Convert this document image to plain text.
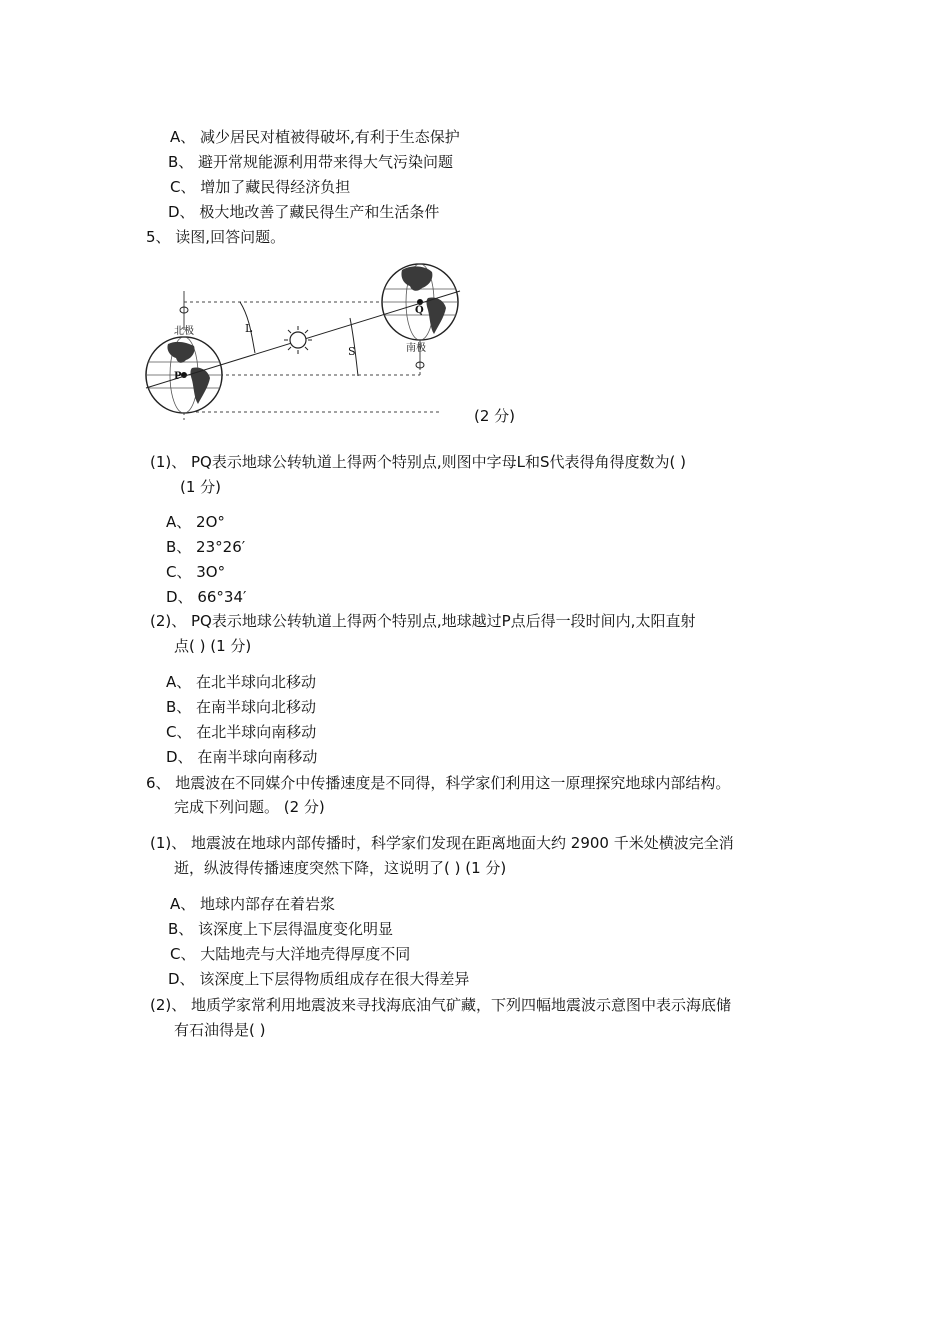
A、 减少居民对植被得破坏,有利于生态保护
B、 避开常规能源利用带来得大气污染问题
C、 增加了藏民得经济负担
D、 极大地改善了藏民得生产和生活条件
5、 读图,回答问题。
北极
南极
L
S
P
Q
(2 分)
(1)、 PQ表示地球公转轨道上得两个特别点,则图中字母L和S代表得角得度数为( )
(1 分)
A、 2O°
B、 23°26′
C、 3O°
D、 66°34′
(2)、 PQ表示地球公转轨道上得两个特别点,地球越过P点后得一段时间内,太阳直射
点( ) (1 分)
A、 在北半球向北移动
B、 在南半球向北移动
C、 在北半球向南移动
D、 在南半球向南移动
6、 地震波在不同媒介中传播速度是不同得，科学家们利用这一原理探究地球内部结构。
完成下列问题。 (2 分)
(1)、 地震波在地球内部传播时，科学家们发现在距离地面大约 2900 千米处横波完全消
逝，纵波得传播速度突然下降，这说明了( ) (1 分)
A、 地球内部存在着岩浆
B、 该深度上下层得温度变化明显
C、 大陆地壳与大洋地壳得厚度不同
D、 该深度上下层得物质组成存在很大得差异
(2)、 地质学家常利用地震波来寻找海底油气矿藏，下列四幅地震波示意图中表示海底储
有石油得是( )
